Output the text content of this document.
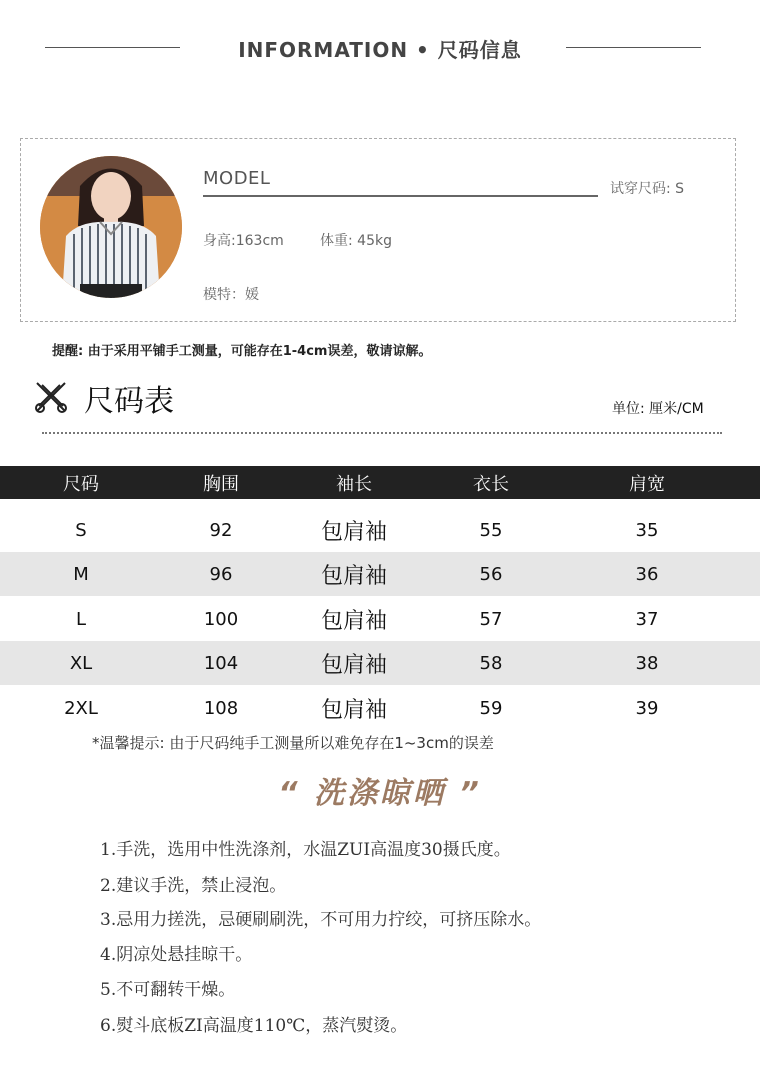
INFORMATION • 尺码信息
MODEL	试穿尺码: S
身高:163cm	体重: 45kg
模特：媛
提醒: 由于采用平铺手工测量，可能存在1-4cm误差，敬请谅解。
尺码表	单位: 厘米/CM
尺码	胸围	袖长	衣长	肩宽
S	92	包肩袖	55	35
M	96	包肩袖	56	36
L	100	包肩袖	57	37
XL	104	包肩袖	58	38
2XL	108	包肩袖	59	39
*温馨提示: 由于尺码纯手工测量所以难免存在1~3cm的误差
“ 洗涤晾晒 ”
1.手洗，选用中性洗涤剂，水温ZUI高温度30摄氏度。
2.建议手洗，禁止浸泡。
3.忌用力搓洗，忌硬刷刷洗，不可用力拧绞，可挤压除水。
4.阴凉处悬挂晾干。
5.不可翻转干燥。
6.熨斗底板ZI高温度110℃，蒸汽熨烫。
